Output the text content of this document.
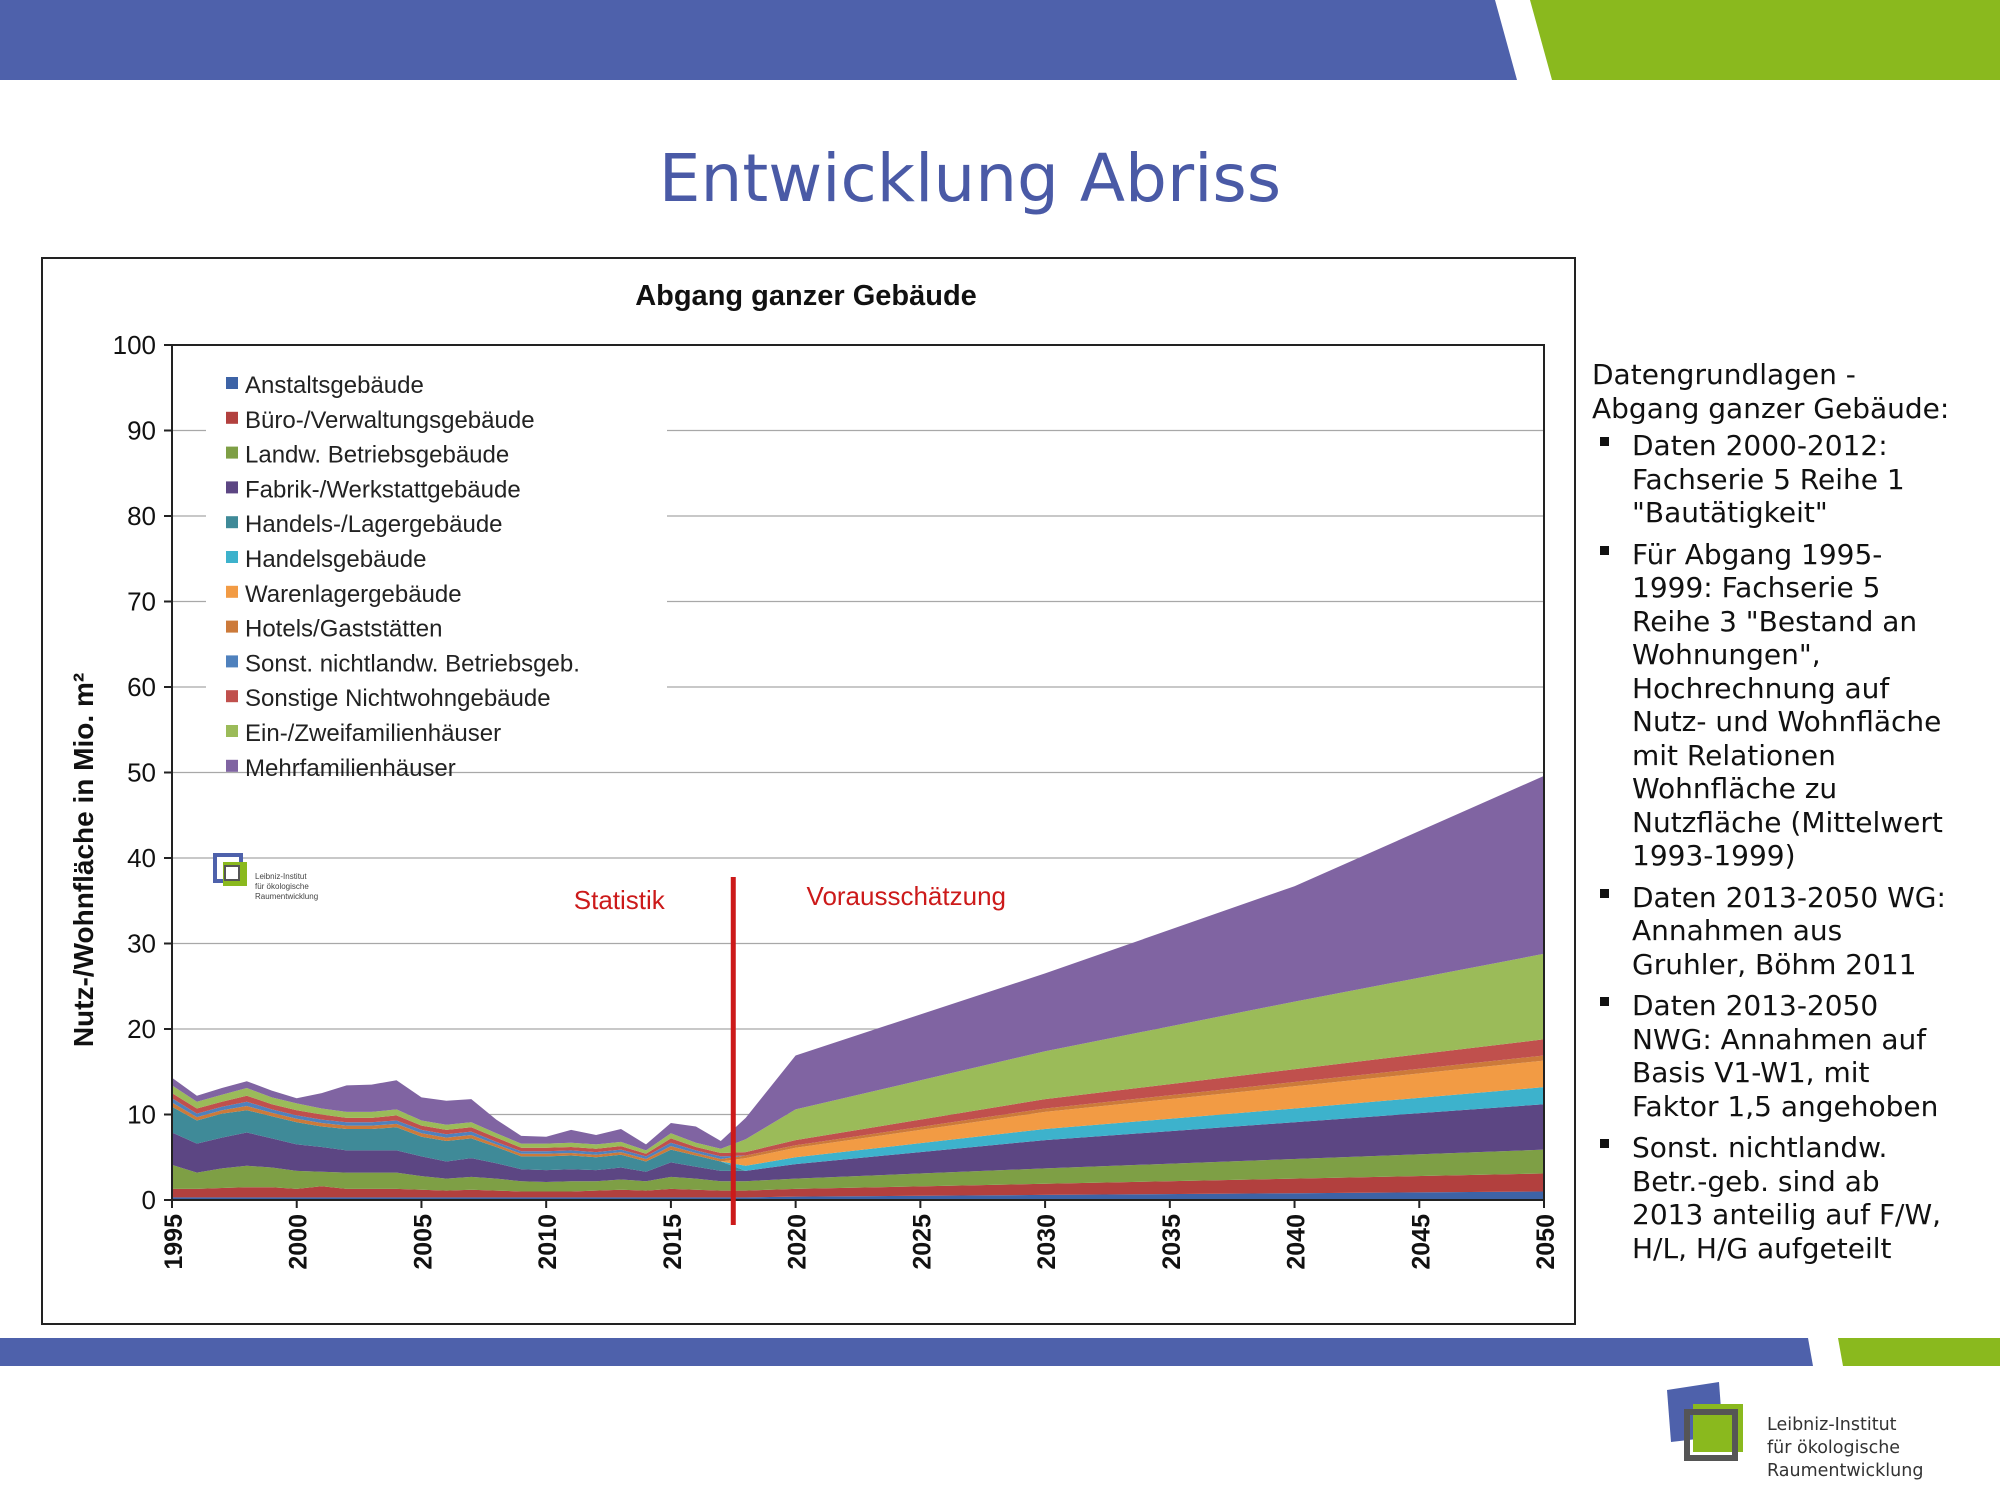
Entwicklung Abriss
Abgang ganzer Gebäude
Anstaltsgebäude
Büro-/Verwaltungsgebäude
Landw. Betriebsgebäude
Fabrik-/Werkstattgebäude
Handels-/Lagergebäude
Handelsgebäude
Warenlagergebäude
Hotels/Gaststätten
Sonst. nichtlandw. Betriebsgeb.
Sonstige Nichtwohngebäude
Ein-/Zweifamilienhäuser
Mehrfamilienhäuser
0
10
20
30
40
50
60
70
80
90
100
1995	2000	2005	2010	2015	2020	2025	2030	2035	2040	2045	2050
Nutz-/Wohnfläche in Mio. m²	Leibniz-Institut
für ökologische
Raumentwicklung	Statistik	Vorausschätzung
Datengrundlagen -
Abgang ganzer Gebäude:
Daten 2000-2012:
Fachserie 5 Reihe 1
"Bautätigkeit"
Für Abgang 1995-
1999: Fachserie 5
Reihe 3 "Bestand an
Wohnungen",
Hochrechnung auf
Nutz- und Wohnfläche
mit Relationen
Wohnfläche zu
Nutzfläche (Mittelwert
1993-1999)
Daten 2013-2050 WG:
Annahmen aus
Gruhler, Böhm 2011
Daten 2013-2050
NWG: Annahmen auf
Basis V1-W1, mit
Faktor 1,5 angehoben
Sonst. nichtlandw.
Betr.-geb. sind ab
2013 anteilig auf F/W,
H/L, H/G aufgeteilt
Leibniz-Institut
für ökologische
Raumentwicklung
